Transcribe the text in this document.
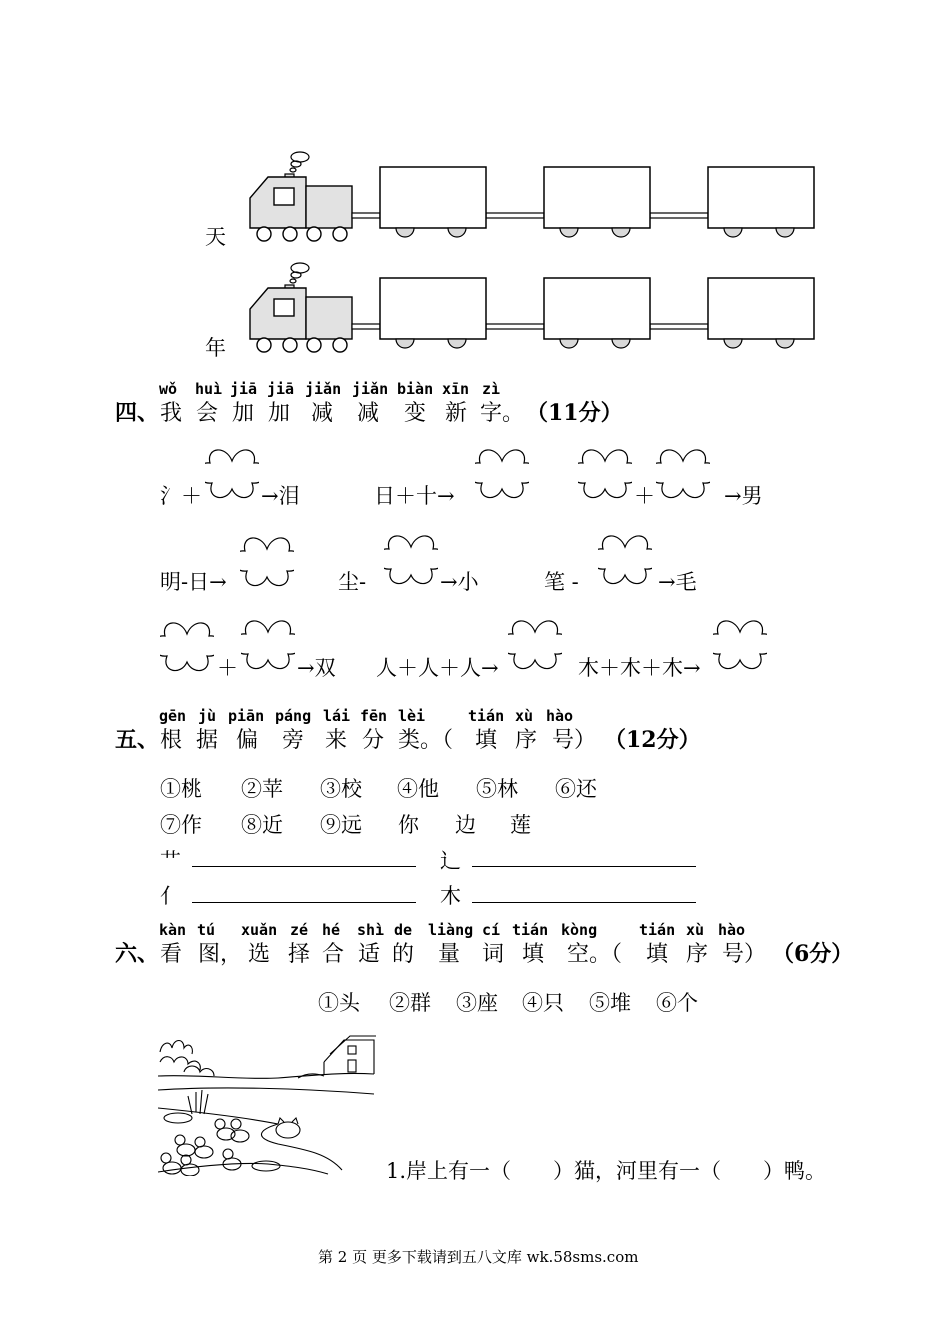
天
年
wǒ huì jiā jiā jiǎn jiǎn biàn xīn zì
四、 我 会 加 加 减 减 变 新 字。 （11分）
氵＋	→泪	日＋十→	＋	→男
明-日→	尘-	→小	笔 -	→毛
＋	→双 人＋人＋人→	木＋木＋木→
gēn jù piān páng lái fēn lèi	tián xù hào
五、 根 据 偏 旁 来 分 类。（ 填 序 号） （12分）
①桃 ②苹 ③校 ④他 ⑤林 ⑥还
⑦作 ⑧近 ⑨远 你 边 莲
艹	辶
亻	木
kàn tú xuǎn zé hé shì de liàng cí tián kòng	tián xù hào
六、 看 图， 选 择 合 适 的 量 词 填 空。（ 填 序 号） （6分）
①头 ②群 ③座 ④只 ⑤堆 ⑥个
1.岸上有一（　　）猫，河里有一（　　）鸭。
第 2 页 更多下载请到五八文库 wk.58sms.com
